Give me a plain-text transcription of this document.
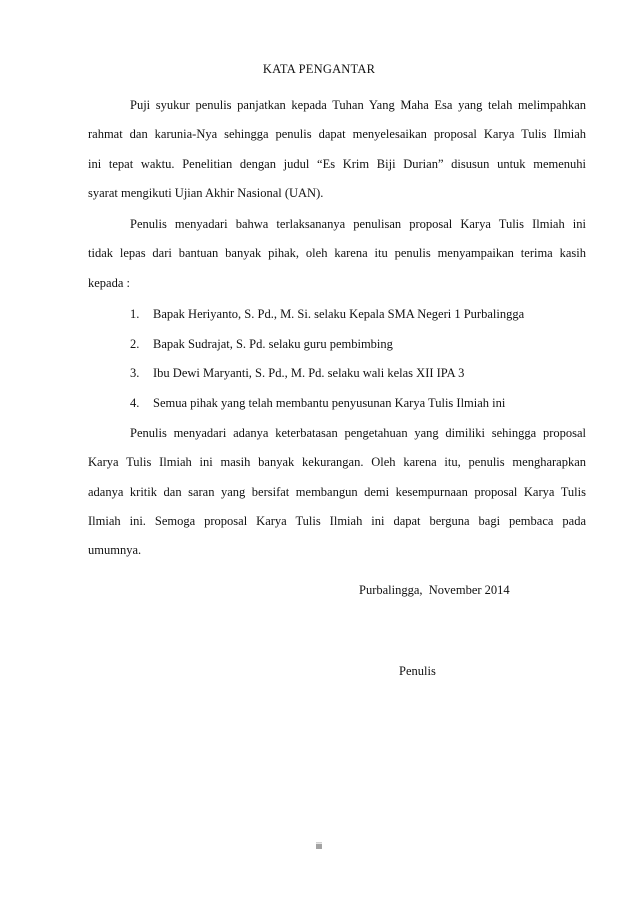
KATA PENGANTAR

Puji syukur penulis panjatkan kepada Tuhan Yang Maha Esa yang telah melimpahkan
rahmat dan karunia-Nya sehingga penulis dapat menyelesaikan proposal Karya Tulis Ilmiah
ini tepat waktu. Penelitian dengan judul “Es Krim Biji Durian” disusun untuk memenuhi
syarat mengikuti Ujian Akhir Nasional (UAN).

Penulis menyadari bahwa terlaksananya penulisan proposal Karya Tulis Ilmiah ini
tidak lepas dari bantuan banyak pihak, oleh karena itu penulis menyampaikan terima kasih
kepada :

1. Bapak Heriyanto, S. Pd., M. Si. selaku Kepala SMA Negeri 1 Purbalingga
2. Bapak Sudrajat, S. Pd. selaku guru pembimbing
3. Ibu Dewi Maryanti, S. Pd., M. Pd. selaku wali kelas XII IPA 3
4. Semua pihak yang telah membantu penyusunan Karya Tulis Ilmiah ini

Penulis menyadari adanya keterbatasan pengetahuan yang dimiliki sehingga proposal
Karya Tulis Ilmiah ini masih banyak kekurangan. Oleh karena itu, penulis mengharapkan
adanya kritik dan saran yang bersifat membangun demi kesempurnaan proposal Karya Tulis
Ilmiah ini. Semoga proposal Karya Tulis Ilmiah ini dapat berguna bagi pembaca pada
umumnya.

Purbalingga,  November 2014
Penulis
iii
